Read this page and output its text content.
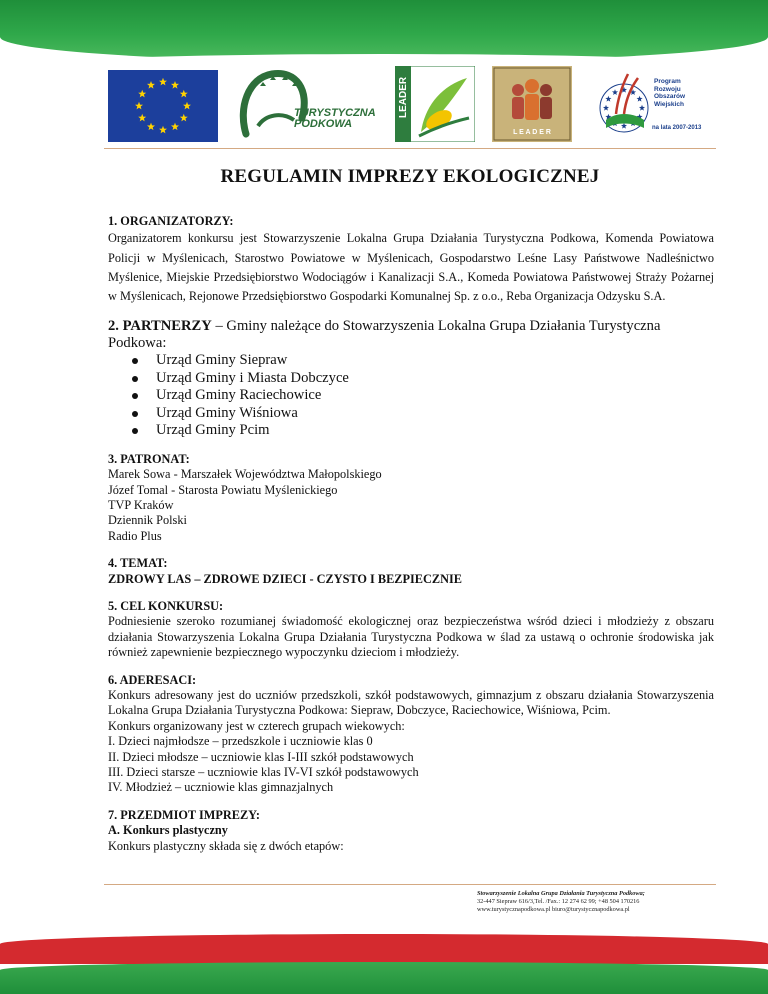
TURYSTYCZNA
PODKOWA
LEADER
L E A D E R
Program
Rozwoju
Obszarów
Wiejskich
na lata 2007-2013
REGULAMIN IMPREZY EKOLOGICZNEJ
1. ORGANIZATORZY:
Organizatorem konkursu jest Stowarzyszenie Lokalna Grupa Działania Turystyczna Podkowa, Komenda Powiatowa Policji w Myślenicach, Starostwo Powiatowe w Myślenicach, Gospodarstwo Leśne Lasy Państwowe Nadleśnictwo Myślenice, Miejskie Przedsiębiorstwo Wodociągów i Kanalizacji S.A., Komeda Powiatowa Państwowej Straży Pożarnej w Myślenicach, Rejonowe Przedsiębiorstwo Gospodarki Komunalnej Sp. z o.o., Reba Organizacja Odzysku S.A.
2. PARTNERZY – Gminy należące do Stowarzyszenia Lokalna Grupa Działania Turystyczna Podkowa:
Urząd Gminy Siepraw
Urząd Gminy i Miasta Dobczyce
Urząd Gminy Raciechowice
Urząd Gminy Wiśniowa
Urząd Gminy Pcim
3. PATRONAT:
Marek Sowa - Marszałek Województwa Małopolskiego
Józef Tomal - Starosta Powiatu Myślenickiego
TVP Kraków
Dziennik Polski
Radio Plus
4. TEMAT:
ZDROWY LAS – ZDROWE DZIECI - CZYSTO I BEZPIECZNIE
5. CEL KONKURSU:
Podniesienie szeroko rozumianej świadomość ekologicznej oraz bezpieczeństwa wśród dzieci i młodzieży z obszaru działania Stowarzyszenia Lokalna Grupa Działania Turystyczna Podkowa w ślad za ustawą o ochronie środowiska jak również zapewnienie bezpiecznego wypoczynku dzieciom i młodzieży.
6. ADERESACI:
Konkurs adresowany jest do uczniów przedszkoli, szkół podstawowych, gimnazjum z obszaru działania Stowarzyszenia Lokalna Grupa Działania Turystyczna Podkowa: Siepraw, Dobczyce, Raciechowice, Wiśniowa, Pcim.
Konkurs organizowany jest w czterech grupach wiekowych:
I. Dzieci najmłodsze – przedszkole i uczniowie klas 0
II. Dzieci młodsze – uczniowie klas I-III szkół podstawowych
III. Dzieci starsze – uczniowie klas IV-VI szkół podstawowych
IV. Młodzież – uczniowie klas gimnazjalnych
7. PRZEDMIOT IMPREZY:
A. Konkurs plastyczny
Konkurs plastyczny składa się z dwóch etapów:
Stowarzyszenie Lokalna Grupa Działania Turystyczna Podkowa;
32-447 Siepraw 616/3,Tel. /Fax.: 12 274 62 99; +48 504 170216
www.turystycznapodkowa.pl biuro@turystycznapodkowa.pl
